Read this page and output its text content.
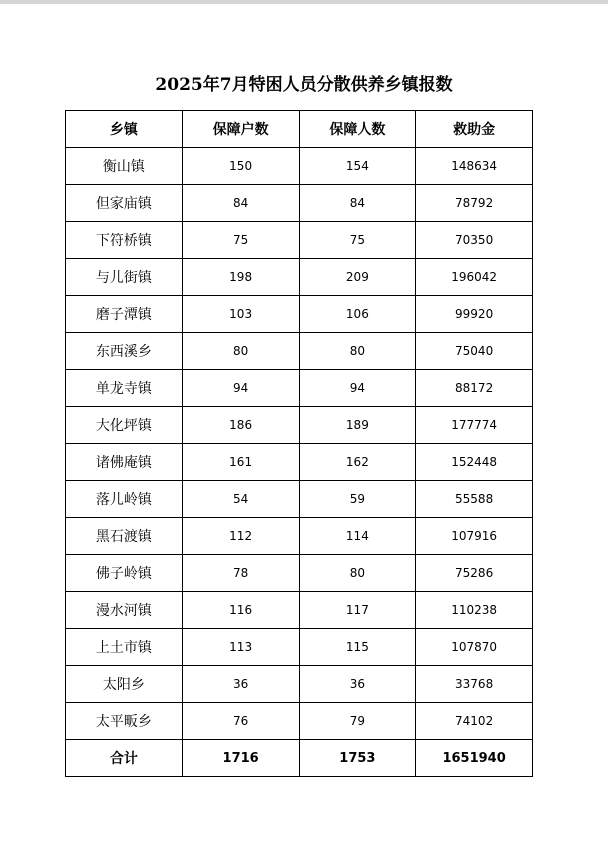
2025年7月特困人员分散供养乡镇报数
乡镇	保障户数	保障人数	救助金
衡山镇	150	154	148634
但家庙镇	84	84	78792
下符桥镇	75	75	70350
与儿街镇	198	209	196042
磨子潭镇	103	106	99920
东西溪乡	80	80	75040
单龙寺镇	94	94	88172
大化坪镇	186	189	177774
诸佛庵镇	161	162	152448
落儿岭镇	54	59	55588
黑石渡镇	112	114	107916
佛子岭镇	78	80	75286
漫水河镇	116	117	110238
上土市镇	113	115	107870
太阳乡	36	36	33768
太平畈乡	76	79	74102
合计	1716	1753	1651940
